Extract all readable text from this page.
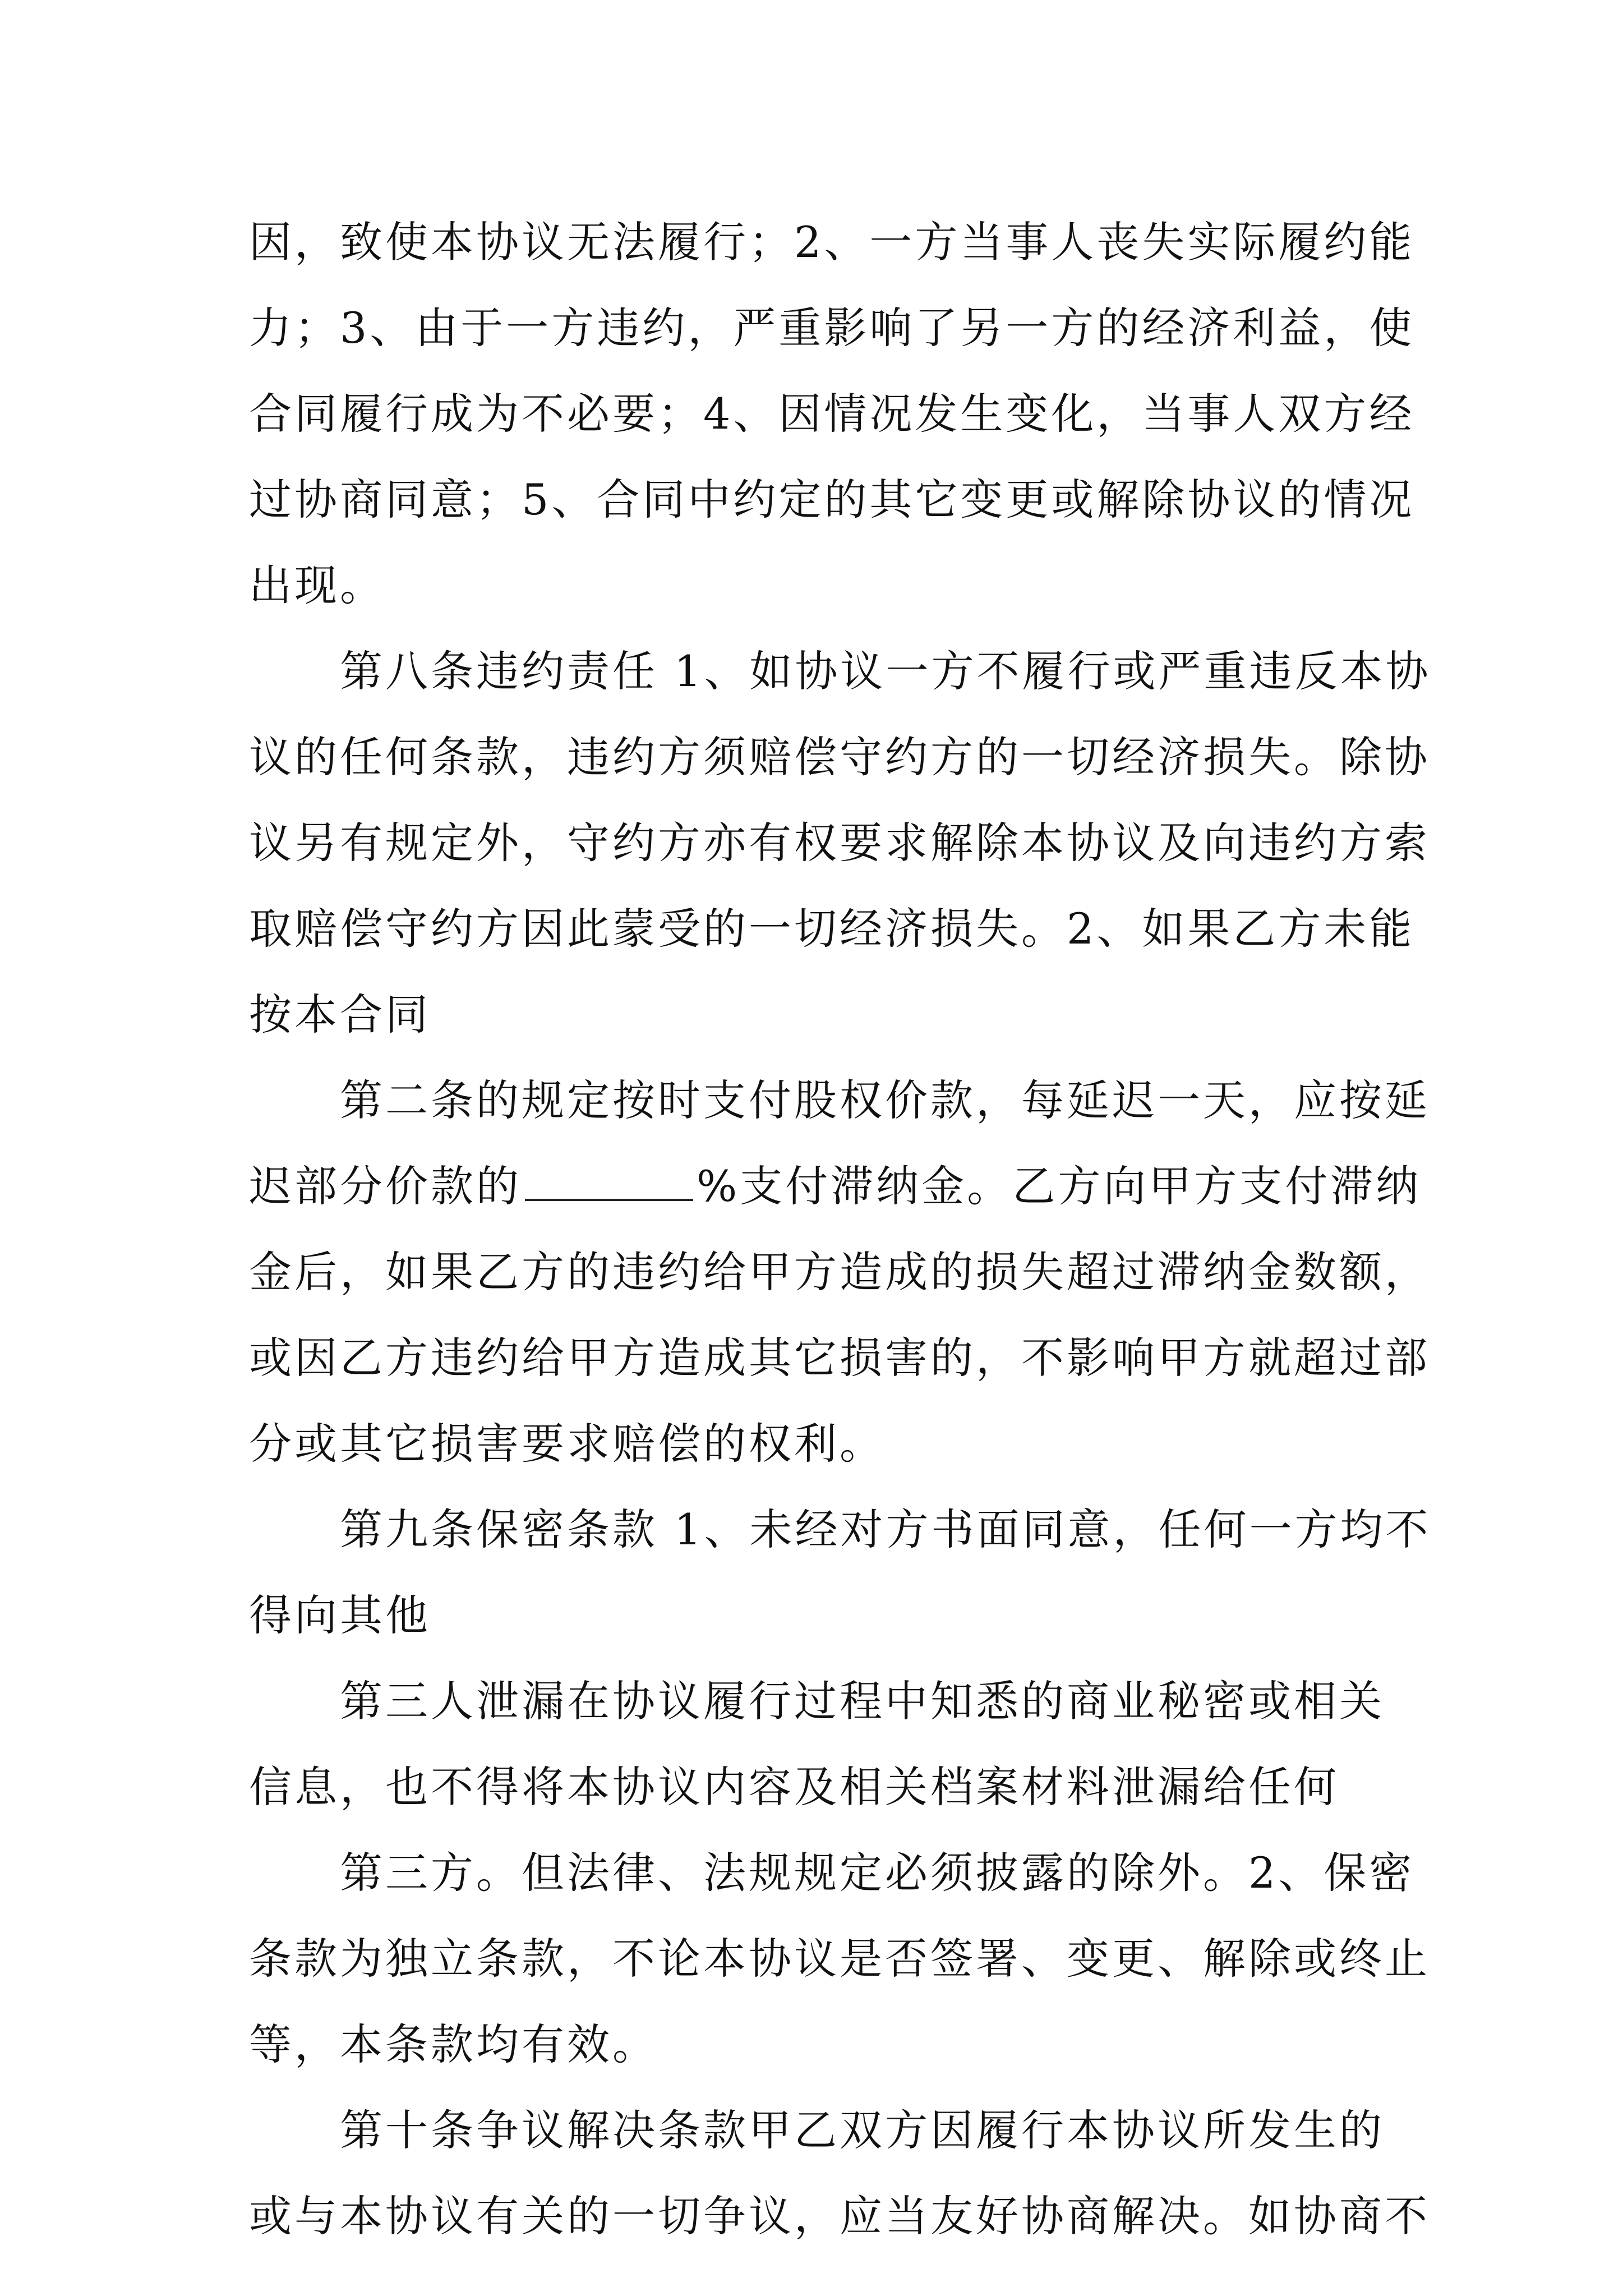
因，致使本协议无法履行；2、一方当事人丧失实际履约能
力；3、由于一方违约，严重影响了另一方的经济利益，使
合同履行成为不必要；4、因情况发生变化，当事人双方经
过协商同意；5、合同中约定的其它变更或解除协议的情况
出现。
第八条违约责任 1、如协议一方不履行或严重违反本协
议的任何条款，违约方须赔偿守约方的一切经济损失。除协
议另有规定外，守约方亦有权要求解除本协议及向违约方索
取赔偿守约方因此蒙受的一切经济损失。2、如果乙方未能
按本合同
第二条的规定按时支付股权价款，每延迟一天，应按延
迟部分价款的	%支付滞纳金。乙方向甲方支付滞纳
金后，如果乙方的违约给甲方造成的损失超过滞纳金数额，
或因乙方违约给甲方造成其它损害的，不影响甲方就超过部
分或其它损害要求赔偿的权利。
第九条保密条款 1、未经对方书面同意，任何一方均不
得向其他
第三人泄漏在协议履行过程中知悉的商业秘密或相关
信息，也不得将本协议内容及相关档案材料泄漏给任何
第三方。但法律、法规规定必须披露的除外。2、保密
条款为独立条款，不论本协议是否签署、变更、解除或终止
等，本条款均有效。
第十条争议解决条款甲乙双方因履行本协议所发生的
或与本协议有关的一切争议，应当友好协商解决。如协商不
